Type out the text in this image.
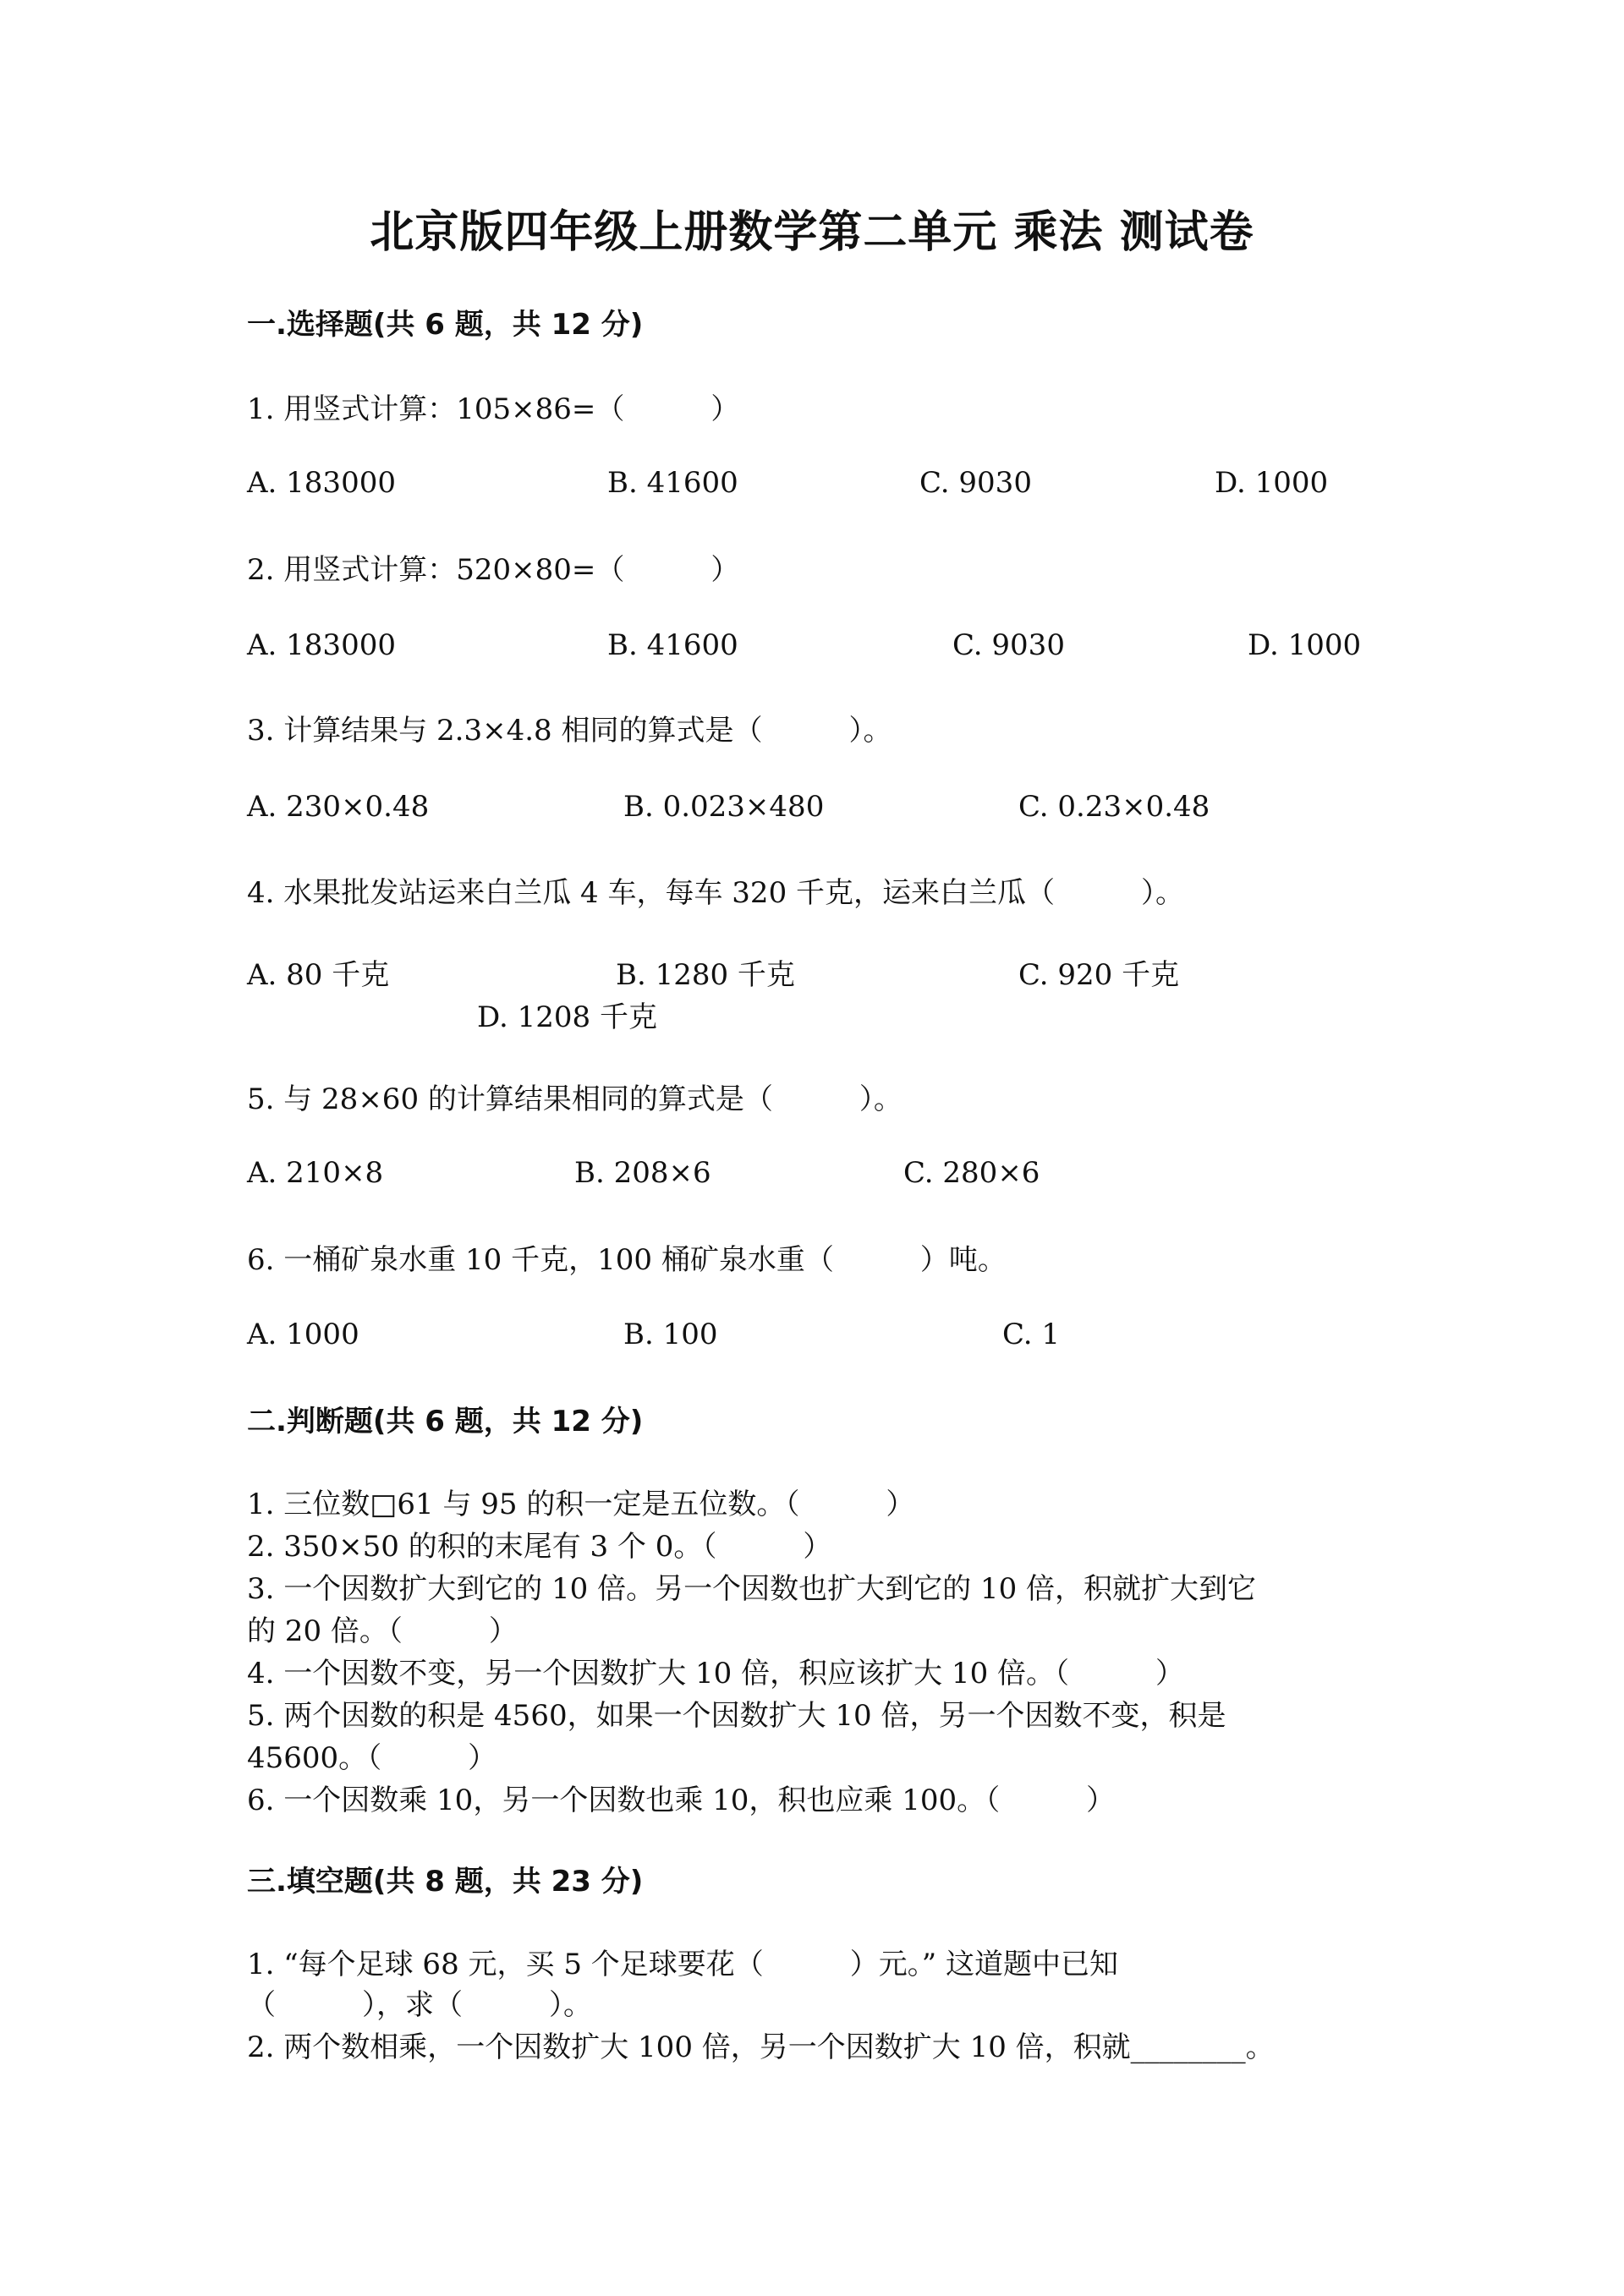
北京版四年级上册数学第二单元 乘法 测试卷
一.选择题(共 6 题，共 12 分)
1. 用竖式计算：105×86=（　　　）
A. 183000	B. 41600	C. 9030	D. 1000
2. 用竖式计算：520×80=（　　　）
A. 183000	B. 41600	C. 9030	D. 1000
3. 计算结果与 2.3×4.8 相同的算式是（　　　）。
A. 230×0.48	B. 0.023×480	C. 0.23×0.48
4. 水果批发站运来白兰瓜 4 车，每车 320 千克，运来白兰瓜（　　　）。
A. 80 千克	B. 1280 千克	C. 920 千克
D. 1208 千克
5. 与 28×60 的计算结果相同的算式是（　　　）。
A. 210×8	B. 208×6	C. 280×6
6. 一桶矿泉水重 10 千克，100 桶矿泉水重（　　　）吨。
A. 1000	B. 100	C. 1
二.判断题(共 6 题，共 12 分)
1. 三位数□61 与 95 的积一定是五位数。（　　　）
2. 350×50 的积的末尾有 3 个 0。（　　　）
3. 一个因数扩大到它的 10 倍。另一个因数也扩大到它的 10 倍，积就扩大到它
的 20 倍。（　　　）
4. 一个因数不变，另一个因数扩大 10 倍，积应该扩大 10 倍。（　　　）
5. 两个因数的积是 4560，如果一个因数扩大 10 倍，另一个因数不变，积是
45600。（　　　）
6. 一个因数乘 10，另一个因数也乘 10，积也应乘 100。（　　　）
三.填空题(共 8 题，共 23 分)
1. “每个足球 68 元，买 5 个足球要花（　　　）元。” 这道题中已知
（　　　），求（　　　）。
2. 两个数相乘，一个因数扩大 100 倍，另一个因数扩大 10 倍，积就________。
